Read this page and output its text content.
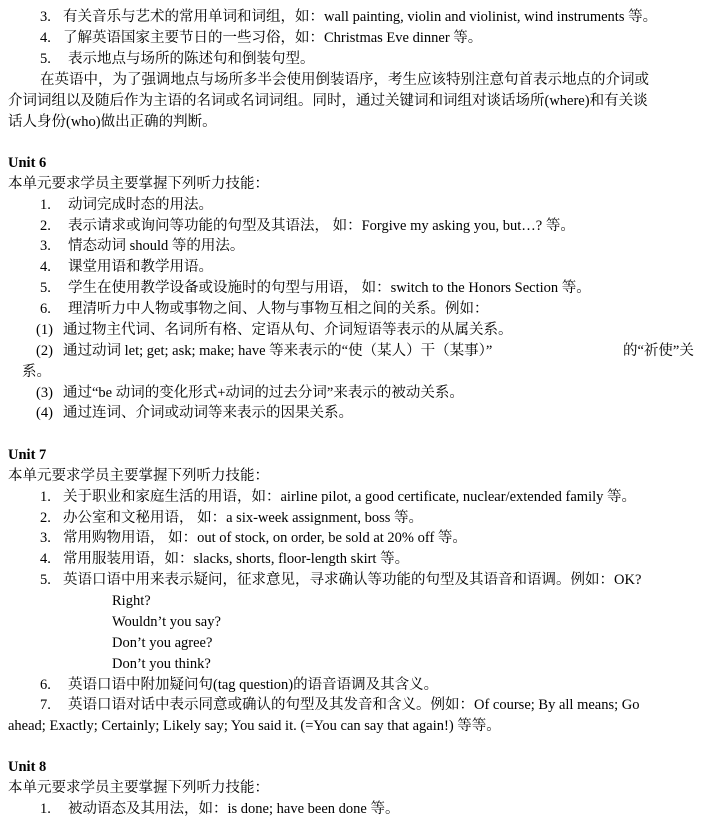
3. 有关音乐与艺术的常用单词和词组，如：wall painting, violin and violinist, wind instruments 等。
4. 了解英语国家主要节日的一些习俗，如：Christmas Eve dinner 等。
5. 表示地点与场所的陈述句和倒装句型。
在英语中，为了强调地点与场所多半会使用倒装语序，考生应该特别注意句首表示地点的介词或
介词词组以及随后作为主语的名词或名词词组。同时，通过关键词和词组对谈话场所(where)和有关谈
话人身份(who)做出正确的判断。
Unit 6
本单元要求学员主要掌握下列听力技能：
1. 动词完成时态的用法。
2. 表示请求或询问等功能的句型及其语法， 如：Forgive my asking you, but…? 等。
3. 情态动词 should 等的用法。
4. 课堂用语和教学用语。
5. 学生在使用教学设备或设施时的句型与用语， 如：switch to the Honors Section 等。
6. 理清听力中人物或事物之间、人物与事物互相之间的关系。例如：
(1) 通过物主代词、名词所有格、定语从句、介词短语等表示的从属关系。
(2) 通过动词 let; get; ask; make; have 等来表示的“使（某人）干（某事）”	的“祈使”关
系。
(3) 通过“be 动词的变化形式+动词的过去分词”来表示的被动关系。
(4) 通过连词、介词或动词等来表示的因果关系。
Unit 7
本单元要求学员主要掌握下列听力技能：
1. 关于职业和家庭生活的用语，如：airline pilot, a good certificate, nuclear/extended family 等。
2. 办公室和文秘用语， 如：a six-week assignment, boss 等。
3. 常用购物用语， 如：out of stock, on order, be sold at 20% off 等。
4. 常用服装用语，如：slacks, shorts, floor-length skirt 等。
5. 英语口语中用来表示疑问，征求意见，寻求确认等功能的句型及其语音和语调。例如：OK?
Right?
Wouldn’t you say?
Don’t you agree?
Don’t you think?
6. 英语口语中附加疑问句(tag question)的语音语调及其含义。
7. 英语口语对话中表示同意或确认的句型及其发音和含义。例如：Of course; By all means; Go
ahead; Exactly; Certainly; Likely say; You said it. (=You can say that again!) 等等。
Unit 8
本单元要求学员主要掌握下列听力技能：
1. 被动语态及其用法，如：is done; have been done 等。
